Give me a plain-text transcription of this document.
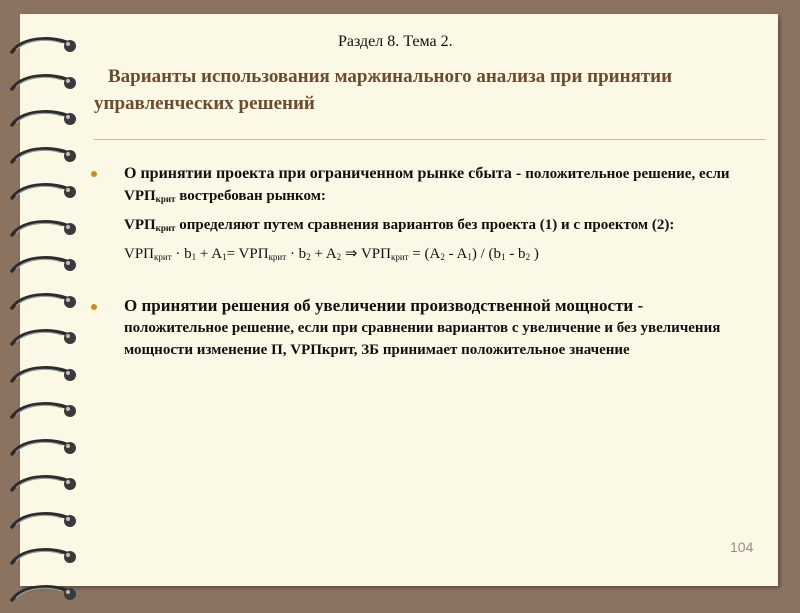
Раздел 8. Тема 2.
Варианты использования маржинального анализа при принятии управленческих решений
О принятии проекта при ограниченном рынке сбыта - положительное решение, если $VРП_{крит}$ востребован рынком:
$VРП_{крит}$ определяют путем сравнения вариантов без проекта (1) и с проектом (2):
$VРП_{крит} \cdot b_1 + A_1= VРП_{крит} \cdot b_2 + A_2$ ⇒ $VРП_{крит} = (A_2 - A_1) / (b_1 - b_2$ )
О принятии решения об увеличении производственной мощности -
положительное решение, если при сравнении вариантов с увеличение и без увеличения мощности изменение П, VРПкрит, ЗБ принимает положительное значение
104
